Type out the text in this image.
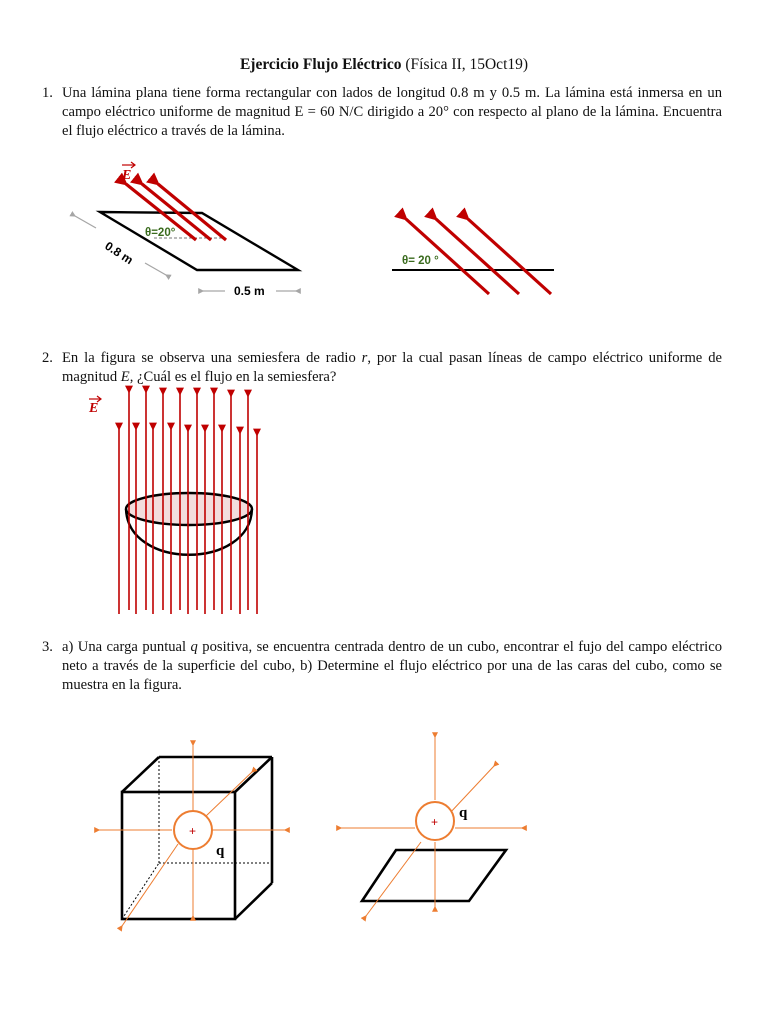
Ejercicio Flujo Eléctrico (Física II, 15Oct19)
1. Una lámina plana tiene forma rectangular con lados de longitud 0.8 m y 0.5 m. La lámina está inmersa en un campo eléctrico uniforme de magnitud E = 60 N/C dirigido a 20° con respecto al plano de la lámina. Encuentra el flujo eléctrico a través de la lámina.
E
θ=20°
0.8 m
0.5 m
θ= 20 °
2. En la figura se observa una semiesfera de radio r, por la cual pasan líneas de campo eléctrico uniforme de magnitud E, ¿Cuál es el flujo en la semiesfera?
E
3. a) Una carga puntual q positiva, se encuentra centrada dentro de un cubo, encontrar el fujo del campo eléctrico neto a través de la superficie del cubo, b) Determine el flujo eléctrico por una de las caras del cubo, como se muestra en la figura.
+
q
+
q
